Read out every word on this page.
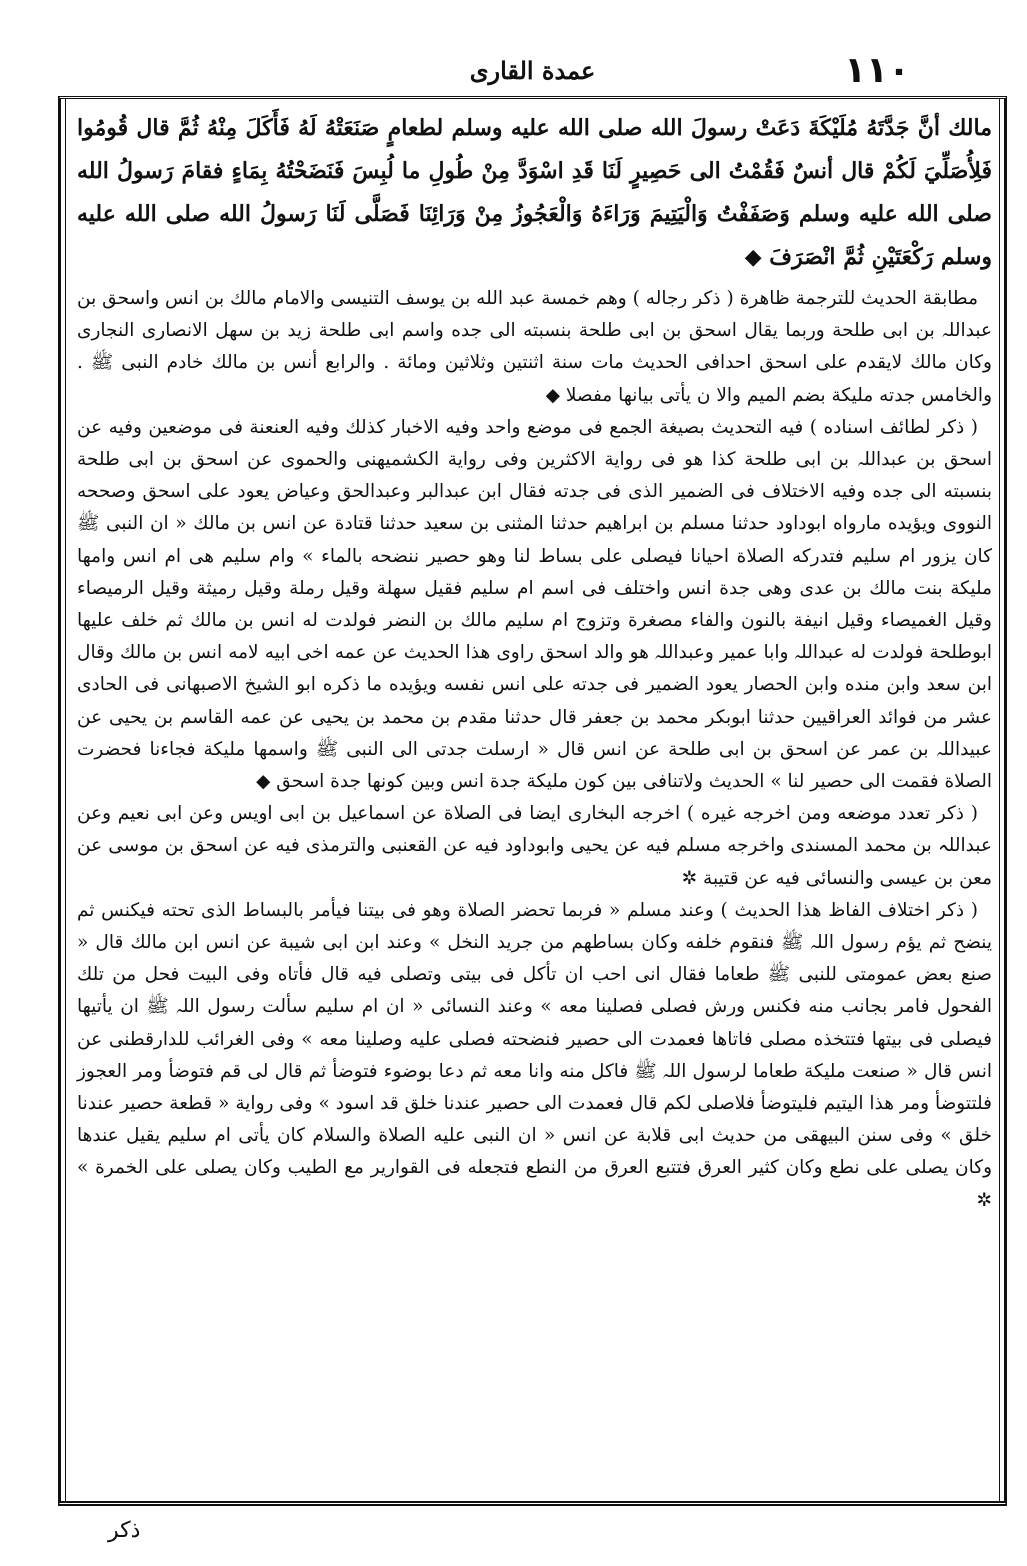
عمدة القاری	۱۱۰

مالك أنَّ جَدَّتَهُ مُلَيْكَةَ دَعَتْ رسولَ الله صلى الله عليه وسلم لطعامٍ صَنَعَتْهُ لَهُ فَأَكَلَ مِنْهُ ثُمَّ قال قُومُوا فَلِأُصَلِّيَ لَكُمْ قال أنسٌ فَقُمْتُ الى حَصِيرٍ لَنَا قَدِ اسْوَدَّ مِنْ طُولِ ما لُبِسَ فَنَضَحْتُهُ بِمَاءٍ فقامَ رَسولُ الله صلى الله عليه وسلم وَصَفَفْتُ وَالْيَتِيمَ وَرَاءَهُ وَالْعَجُوزُ مِنْ وَرَائِنَا فَصَلَّى لَنَا رَسولُ الله صلى الله عليه وسلم رَكْعَتَيْنِ ثُمَّ انْصَرَفَ ◆

مطابقة الحديث للترجمة ظاهرة ( ذكر رجاله ) وهم خمسة عبد الله بن يوسف التنيسى والامام مالك بن انس واسحق بن عبداللہ بن ابی طلحة وربما یقال اسحق بن ابی طلحة بنسبته الی جده واسم ابی طلحة زید بن سهل الانصاری النجاری وکان مالك لایقدم علی اسحق احدافی الحدیث مات سنة اثنتین وثلاثین ومائة . والرابع أنس بن مالك خادم النبی ﷺ . والخامس جدته ملیکة بضم المیم والا ن یأتی بیانها مفصلا ◆

( ذکر لطائف اسناده ) فیه التحدیث بصیغة الجمع فی موضع واحد وفیه الاخبار کذلك وفیه العنعنة فی موضعین وفیه عن اسحق بن عبداللہ بن ابی طلحة کذا هو فی روایة الاکثرین وفی روایة الکشمیهنی والحموی عن اسحق بن ابی طلحة بنسبته الی جده وفیه الاختلاف فی الضمیر الذی فی جدته فقال ابن عبدالبر وعبدالحق وعیاض یعود علی اسحق وصححه النووی ویؤیده مارواه ابوداود حدثنا مسلم بن ابراهیم حدثنا المثنی بن سعید حدثنا قتادة عن انس بن مالك « ان النبی ﷺ کان یزور ام سلیم فتدرکه الصلاة احیانا فیصلی علی بساط لنا وهو حصیر ننضحه بالماء » وام سلیم هی ام انس وامها ملیکة بنت مالك بن عدی وهی جدة انس واختلف فی اسم ام سلیم فقیل سهلة وقیل رملة وقیل رمیثة وقیل الرمیصاء وقیل الغمیصاء وقیل انیفة بالنون والفاء مصغرة وتزوج ام سلیم مالك بن النضر فولدت له انس بن مالك ثم خلف علیها ابوطلحة فولدت له عبداللہ وابا عمیر وعبداللہ هو والد اسحق راوی هذا الحدیث عن عمه اخی ابیه لامه انس بن مالك وقال ابن سعد وابن منده وابن الحصار یعود الضمیر فی جدته علی انس نفسه ویؤیده ما ذکره ابو الشیخ الاصبهانی فی الحادی عشر من فوائد العراقیین حدثنا ابوبکر محمد بن جعفر قال حدثنا مقدم بن محمد بن یحیی عن عمه القاسم بن یحیی عن عبیداللہ بن عمر عن اسحق بن ابی طلحة عن انس قال « ارسلت جدتی الی النبی ﷺ واسمها ملیکة فجاءنا فحضرت الصلاة فقمت الی حصیر لنا » الحدیث ولاتنافی بین کون ملیکة جدة انس وبین کونها جدة اسحق ◆

( ذکر تعدد موضعه ومن اخرجه غیره ) اخرجه البخاری ایضا فی الصلاة عن اسماعیل بن ابی اویس وعن ابی نعیم وعن عبداللہ بن محمد المسندی واخرجه مسلم فیه عن یحیی وابوداود فیه عن القعنبی والترمذی فیه عن اسحق بن موسی عن معن بن عیسی والنسائی فیه عن قتیبة ✲

( ذکر اختلاف الفاظ هذا الحدیث ) وعند مسلم « فربما تحضر الصلاة وهو فی بیتنا فیأمر بالبساط الذی تحته فیکنس ثم ینضح ثم یؤم رسول اللہ ﷺ فنقوم خلفه وکان بساطهم من جرید النخل » وعند ابن ابی شیبة عن انس ابن مالك قال « صنع بعض عمومتی للنبی ﷺ طعاما فقال انی احب ان تأکل فی بیتی وتصلی فیه قال فأتاه وفی البیت فحل من تلك الفحول فامر بجانب منه فکنس ورش فصلی فصلینا معه » وعند النسائی « ان ام سلیم سألت رسول اللہ ﷺ ان یأتیها فیصلی فی بیتها فتتخذه مصلی فاتاها فعمدت الی حصیر فنضحته فصلی علیه وصلینا معه » وفی الغرائب للدارقطنی عن انس قال « صنعت ملیکة طعاما لرسول اللہ ﷺ فاکل منه وانا معه ثم دعا بوضوء فتوضأ ثم قال لی قم فتوضأ ومر العجوز فلتتوضأ ومر هذا الیتیم فلیتوضأ فلاصلی لکم قال فعمدت الی حصیر عندنا خلق قد اسود » وفی روایة « قطعة حصیر عندنا خلق » وفی سنن البیهقی من حدیث ابی قلابة عن انس « ان النبی علیه الصلاة والسلام کان یأتی ام سلیم یقیل عندها وکان یصلی علی نطع وکان کثیر العرق فتتبع العرق من النطع فتجعله فی القواریر مع الطیب وکان یصلی علی الخمرة » ✲

ذکر
